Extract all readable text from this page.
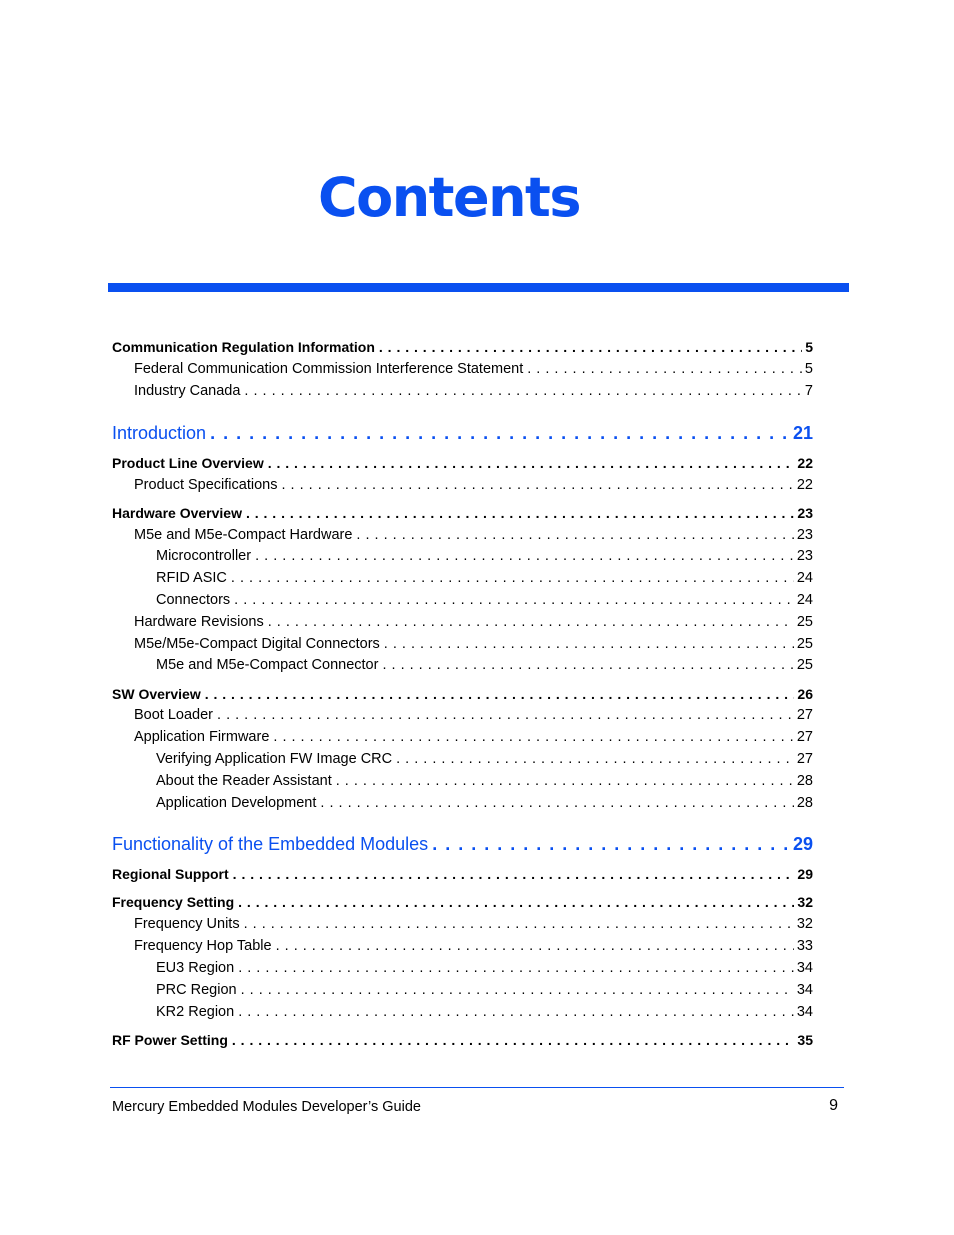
Contents
Communication Regulation Information . . .	5
Federal Communication Commission Interference Statement . . .	5
Industry Canada . . .	7
Introduction . . .	21
Product Line Overview . . .	22
Product Specifications . . .	22
Hardware Overview . . .	23
M5e and M5e-Compact Hardware . . .	23
Microcontroller . . .	23
RFID ASIC . . .	24
Connectors . . .	24
Hardware Revisions . . .	25
M5e/M5e-Compact Digital Connectors . . .	25
M5e and M5e-Compact Connector . . .	25
SW Overview . . .	26
Boot Loader . . .	27
Application Firmware . . .	27
Verifying Application FW Image CRC . . .	27
About the Reader Assistant . . .	28
Application Development . . .	28
Functionality of the Embedded Modules . . .	29
Regional Support . . .	29
Frequency Setting . . .	32
Frequency Units . . .	32
Frequency Hop Table . . .	33
EU3 Region . . .	34
PRC Region . . .	34
KR2 Region . . .	34
RF Power Setting . . .	35
Mercury Embedded Modules Developer’s Guide	9
